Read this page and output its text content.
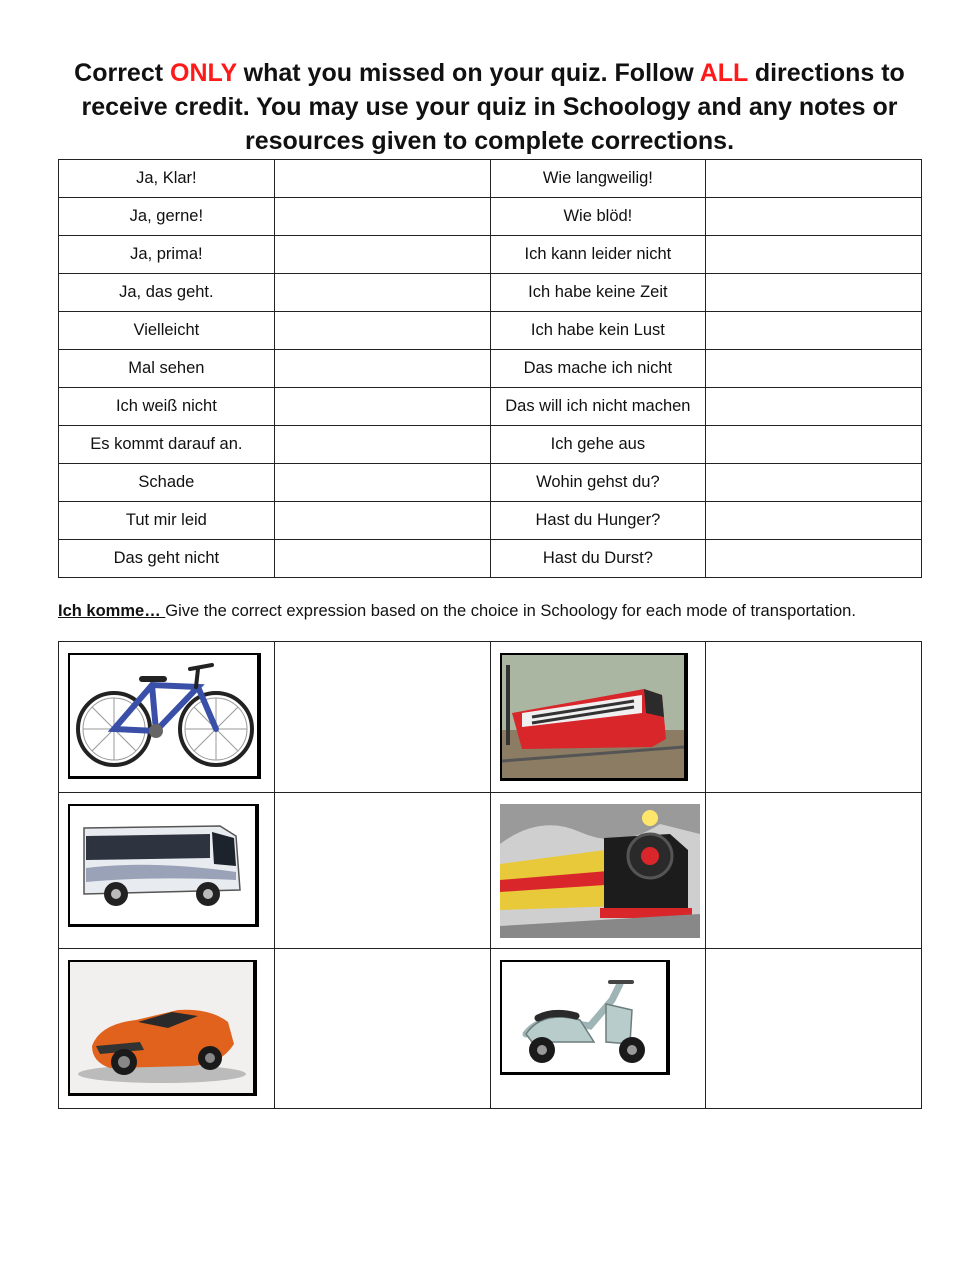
Correct ONLY what you missed on your quiz. Follow ALL directions to receive credit. You may use your quiz in Schoology and any notes or resources given to complete corrections.
Ja, Klar!		Wie langweilig!	
Ja, gerne!		Wie blöd!	
Ja, prima!		Ich kann leider nicht	
Ja, das geht.		Ich habe keine Zeit	
Vielleicht		Ich habe kein Lust	
Mal sehen		Das mache ich nicht	
Ich weiß nicht		Das will ich nicht machen	
Es kommt darauf an.		Ich gehe aus	
Schade		Wohin gehst du?	
Tut mir leid		Hast du Hunger?	
Das geht nicht		Hast du Durst?	
Ich komme… Give the correct expression based on the choice in Schoology for each mode of transportation.
